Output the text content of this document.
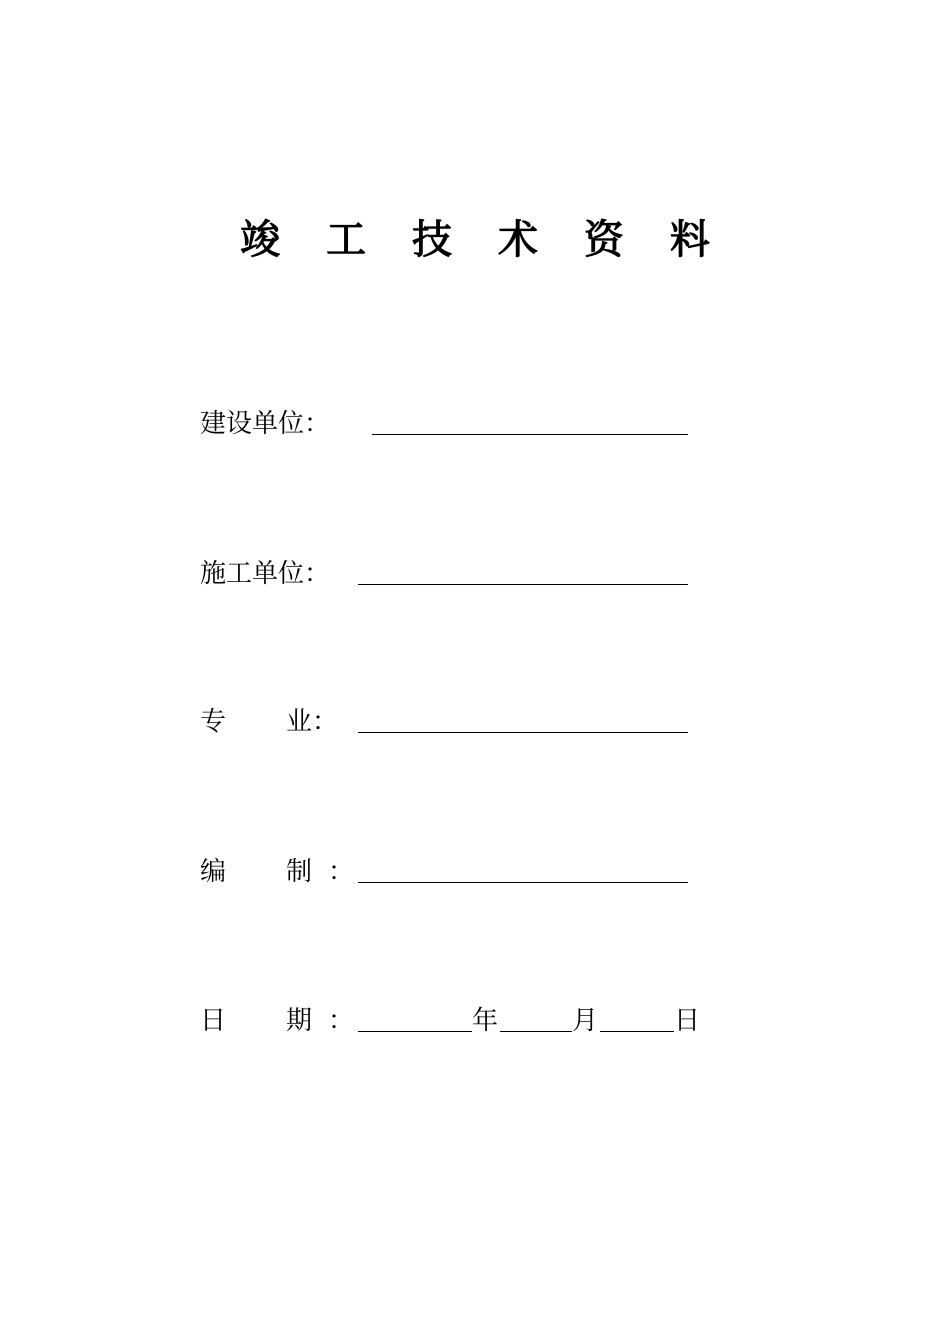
竣 工 技 术 资 料
建设单位：
施工单位：
专 业：
编 制 ：
日 期 ：	年	月	日
